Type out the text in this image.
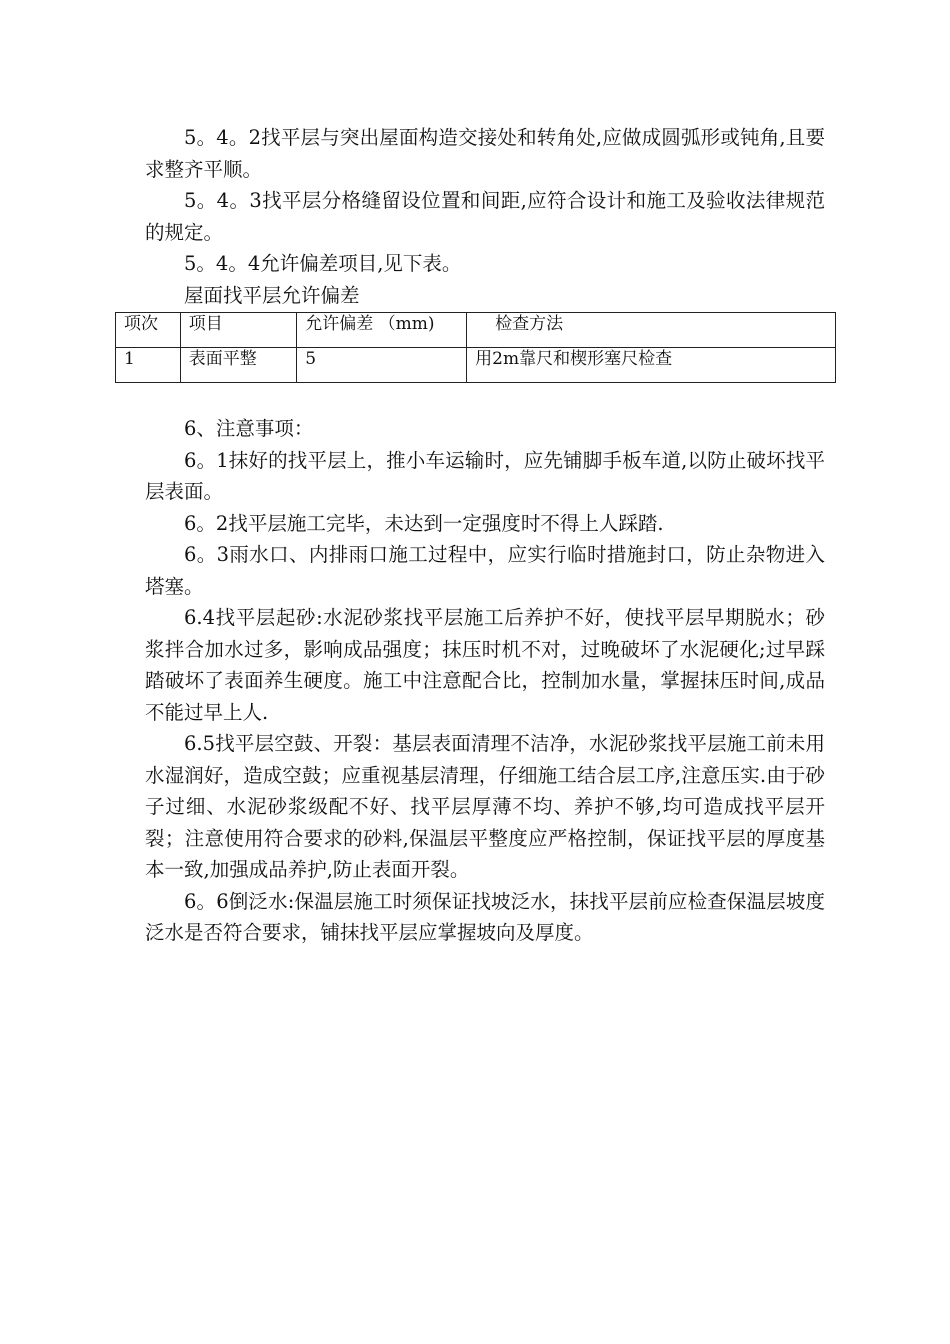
5。4。2找平层与突出屋面构造交接处和转角处,应做成圆弧形或钝角,且要求整齐平顺。

5。4。3找平层分格缝留设位置和间距,应符合设计和施工及验收法律规范的规定。

5。4。4允许偏差项目,见下表。

屋面找平层允许偏差

项次	项目	允许偏差 （mm)	检查方法
1	表面平整	5	用2m靠尺和楔形塞尺检查

6、注意事项：

6。1抹好的找平层上，推小车运输时，应先铺脚手板车道,以防止破坏找平层表面。

6。2找平层施工完毕，未达到一定强度时不得上人踩踏.

6。3雨水口、内排雨口施工过程中，应实行临时措施封口，防止杂物进入塔塞。

6.4找平层起砂:水泥砂浆找平层施工后养护不好，使找平层早期脱水；砂浆拌合加水过多，影响成品强度；抹压时机不对，过晚破坏了水泥硬化;过早踩踏破坏了表面养生硬度。施工中注意配合比，控制加水量，掌握抹压时间,成品不能过早上人.

6.5找平层空鼓、开裂：基层表面清理不洁净，水泥砂浆找平层施工前未用水湿润好，造成空鼓；应重视基层清理，仔细施工结合层工序,注意压实.由于砂子过细、水泥砂浆级配不好、找平层厚薄不均、养护不够,均可造成找平层开裂；注意使用符合要求的砂料,保温层平整度应严格控制，保证找平层的厚度基本一致,加强成品养护,防止表面开裂。

6。6倒泛水:保温层施工时须保证找坡泛水，抹找平层前应检查保温层坡度泛水是否符合要求，铺抹找平层应掌握坡向及厚度。
